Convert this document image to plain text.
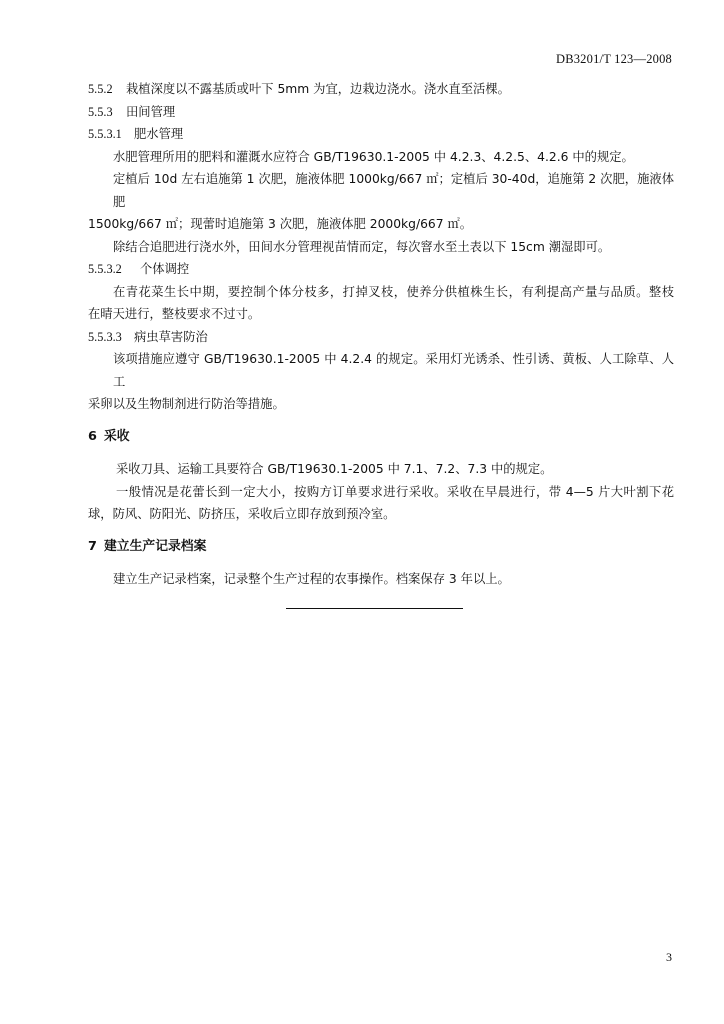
DB3201/T 123—2008
5.5.2 栽植深度以不露基质或叶下 5mm 为宜，边栽边浇水。浇水直至活棵。
5.5.3 田间管理
5.5.3.1 肥水管理
水肥管理所用的肥料和灌溉水应符合 GB/T19630.1-2005 中 4.2.3、4.2.5、4.2.6 中的规定。
定植后 10d 左右追施第 1 次肥，施液体肥 1000kg/667 ㎡；定植后 30-40d，追施第 2 次肥，施液体肥
1500kg/667 ㎡；现蕾时追施第 3 次肥，施液体肥 2000kg/667 ㎡。
除结合追肥进行浇水外，田间水分管理视苗情而定，每次窨水至土表以下 15cm 潮湿即可。
5.5.3.2 个体调控
在青花菜生长中期，要控制个体分枝多，打掉叉枝，使养分供植株生长，有利提高产量与品质。整枝
在晴天进行，整枝要求不过寸。
5.5.3.3 病虫草害防治
该项措施应遵守 GB/T19630.1-2005 中 4.2.4 的规定。采用灯光诱杀、性引诱、黄板、人工除草、人工
采卵以及生物制剂进行防治等措施。
6 采收
采收刀具、运输工具要符合 GB/T19630.1-2005 中 7.1、7.2、7.3 中的规定。
一般情况是花蕾长到一定大小，按购方订单要求进行采收。采收在早晨进行，带 4—5 片大叶割下花
球，防风、防阳光、防挤压，采收后立即存放到预冷室。
7 建立生产记录档案
建立生产记录档案，记录整个生产过程的农事操作。档案保存 3 年以上。
3
